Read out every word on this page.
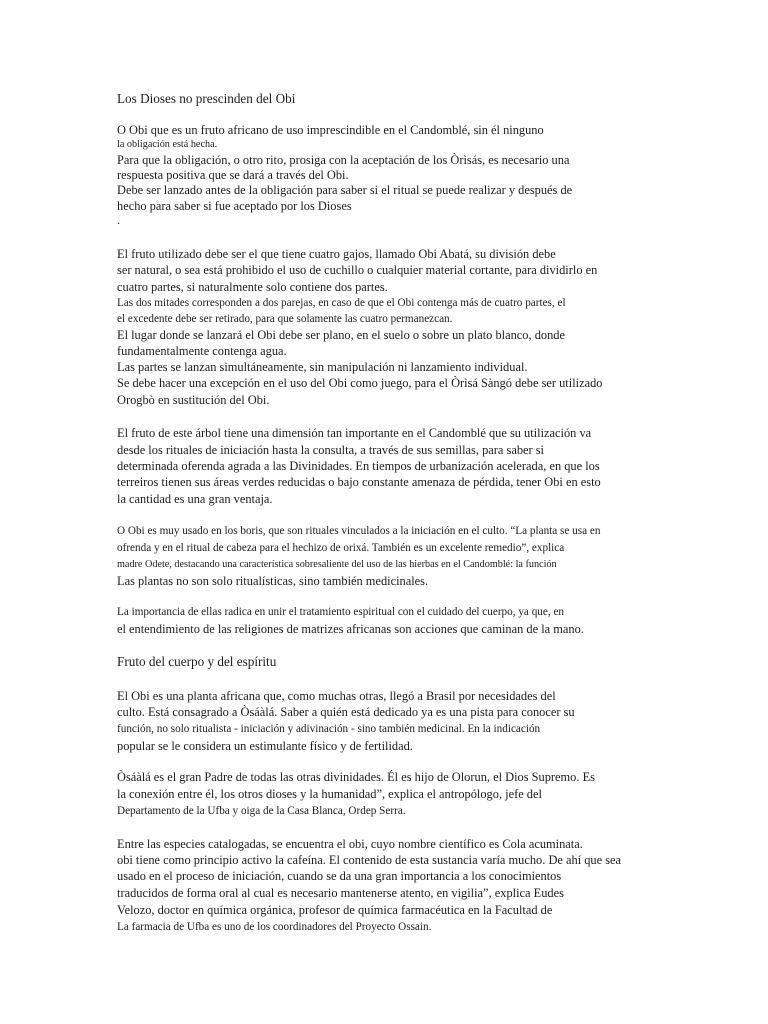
Los Dioses no prescinden del Obi
O Obi que es un fruto africano de uso imprescindible en el Candomblé, sin él ninguno
la obligación está hecha.
Para que la obligación, o otro rito, prosiga con la aceptación de los Òrìsás, es necesario una
respuesta positiva que se dará a través del Obi.
Debe ser lanzado antes de la obligación para saber si el ritual se puede realizar y después de
hecho para saber si fue aceptado por los Dioses
.
El fruto utilizado debe ser el que tiene cuatro gajos, llamado Obi Abatá, su división debe
ser natural, o sea está prohibido el uso de cuchillo o cualquier material cortante, para dividirlo en
cuatro partes, si naturalmente solo contiene dos partes.
Las dos mitades corresponden a dos parejas, en caso de que el Obi contenga más de cuatro partes, el
el excedente debe ser retirado, para que solamente las cuatro permanezcan.
El lugar donde se lanzará el Obi debe ser plano, en el suelo o sobre un plato blanco, donde
fundamentalmente contenga agua.
Las partes se lanzan simultáneamente, sin manipulación ni lanzamiento individual.
Se debe hacer una excepción en el uso del Obi como juego, para el Òrìsá Sàngó debe ser utilizado
Orogbò en sustitución del Obi.
El fruto de este árbol tiene una dimensión tan importante en el Candomblé que su utilización va
desde los rituales de iniciación hasta la consulta, a través de sus semillas, para saber si
determinada oferenda agrada a las Divinidades. En tiempos de urbanización acelerada, en que los
terreiros tienen sus áreas verdes reducidas o bajo constante amenaza de pérdida, tener Obi en esto
la cantidad es una gran ventaja.
O Obi es muy usado en los boris, que son rituales vinculados a la iniciación en el culto. “La planta se usa en
ofrenda y en el ritual de cabeza para el hechizo de orixá. También es un excelente remedio”, explica
madre Odete, destacando una característica sobresaliente del uso de las hierbas en el Candomblé: la función
Las plantas no son solo ritualísticas, sino también medicinales.
La importancia de ellas radica en unir el tratamiento espiritual con el cuidado del cuerpo, ya que, en
el entendimiento de las religiones de matrizes africanas son acciones que caminan de la mano.
Fruto del cuerpo y del espíritu
El Obi es una planta africana que, como muchas otras, llegó a Brasil por necesidades del
culto. Está consagrado a Òsáàlá. Saber a quién está dedicado ya es una pista para conocer su
función, no solo ritualista - iniciación y adivinación - sino también medicinal. En la indicación
popular se le considera un estimulante físico y de fertilidad.
Òsáàlá es el gran Padre de todas las otras divinidades. Él es hijo de Olorun, el Dios Supremo. Es
la conexión entre él, los otros dioses y la humanidad”, explica el antropólogo, jefe del
Departamento de la Ufba y oiga de la Casa Blanca, Ordep Serra.
Entre las especies catalogadas, se encuentra el obi, cuyo nombre científico es Cola acuminata.
obi tiene como principio activo la cafeína. El contenido de esta sustancia varía mucho. De ahí que sea
usado en el proceso de iniciación, cuando se da una gran importancia a los conocimientos
traducidos de forma oral al cual es necesario mantenerse atento, en vigilia”, explica Eudes
Velozo, doctor en química orgánica, profesor de química farmacéutica en la Facultad de
La farmacia de Ufba es uno de los coordinadores del Proyecto Ossain.
